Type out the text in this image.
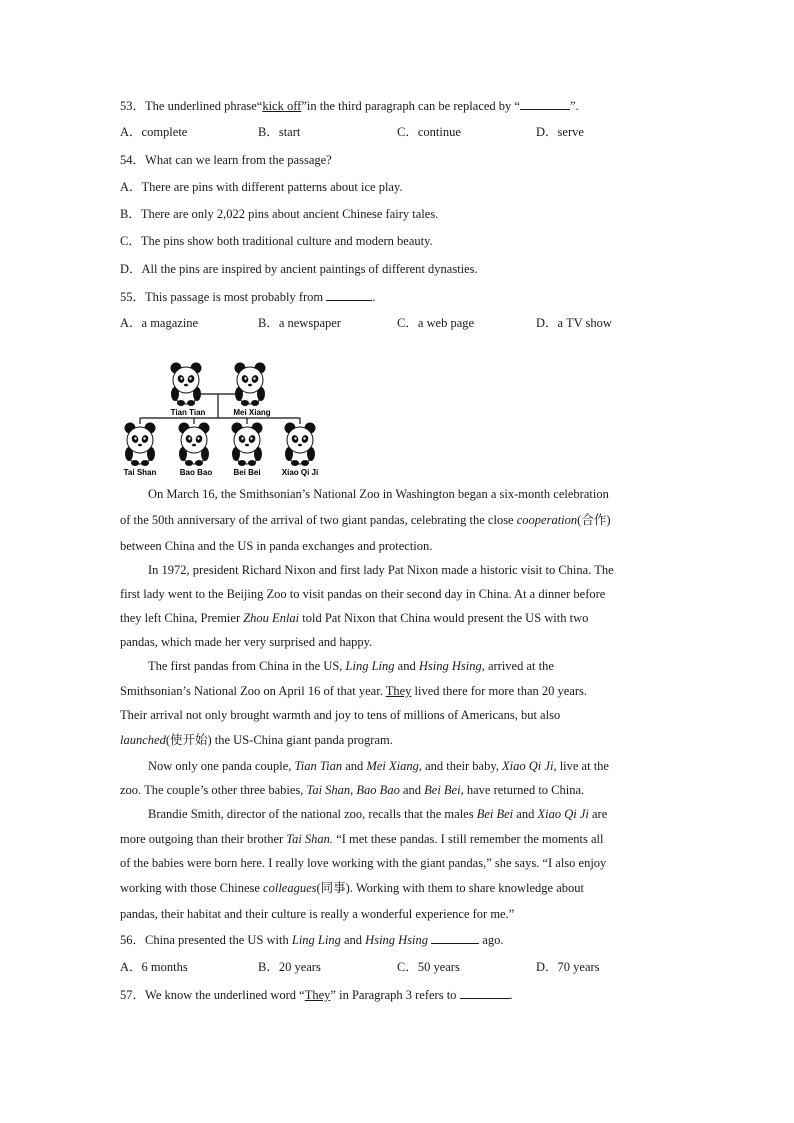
53．The underlined phrase“kick off”in the third paragraph can be replaced by “	”.
A．complete	B．start	C．continue	D．serve
54．What can we learn from the passage?
A．There are pins with different patterns about ice play.
B．There are only 2,022 pins about ancient Chinese fairy tales.
C．The pins show both traditional culture and modern beauty.
D．All the pins are inspired by ancient paintings of different dynasties.
55．This passage is most probably from	.
A．a magazine	B．a newspaper	C．a web page	D．a TV show
Tian Tian	Mei Xiang
Tai Shan	Bao Bao	Bei Bei	Xiao Qi Ji
On March 16, the Smithsonian’s National Zoo in Washington began a six-month celebration
of the 50th anniversary of the arrival of two giant pandas, celebrating the close cooperation(合作)
between China and the US in panda exchanges and protection.
In 1972, president Richard Nixon and first lady Pat Nixon made a historic visit to China. The
first lady went to the Beijing Zoo to visit pandas on their second day in China. At a dinner before
they left China, Premier Zhou Enlai told Pat Nixon that China would present the US with two
pandas, which made her very surprised and happy.
The first pandas from China in the US, Ling Ling and Hsing Hsing, arrived at the
Smithsonian’s National Zoo on April 16 of that year. They lived there for more than 20 years.
Their arrival not only brought warmth and joy to tens of millions of Americans, but also
launched(使开始) the US-China giant panda program.
Now only one panda couple, Tian Tian and Mei Xiang, and their baby, Xiao Qi Ji, live at the
zoo. The couple’s other three babies, Tai Shan, Bao Bao and Bei Bei, have returned to China.
Brandie Smith, director of the national zoo, recalls that the males Bei Bei and Xiao Qi Ji are
more outgoing than their brother Tai Shan. “I met these pandas. I still remember the moments all
of the babies were born here. I really love working with the giant pandas,” she says. “I also enjoy
working with those Chinese colleagues(同事). Working with them to share knowledge about
pandas, their habitat and their culture is really a wonderful experience for me.”
56．China presented the US with Ling Ling and Hsing Hsing	ago.
A．6 months	B．20 years	C．50 years	D．70 years
57．We know the underlined word “They” in Paragraph 3 refers to	.
